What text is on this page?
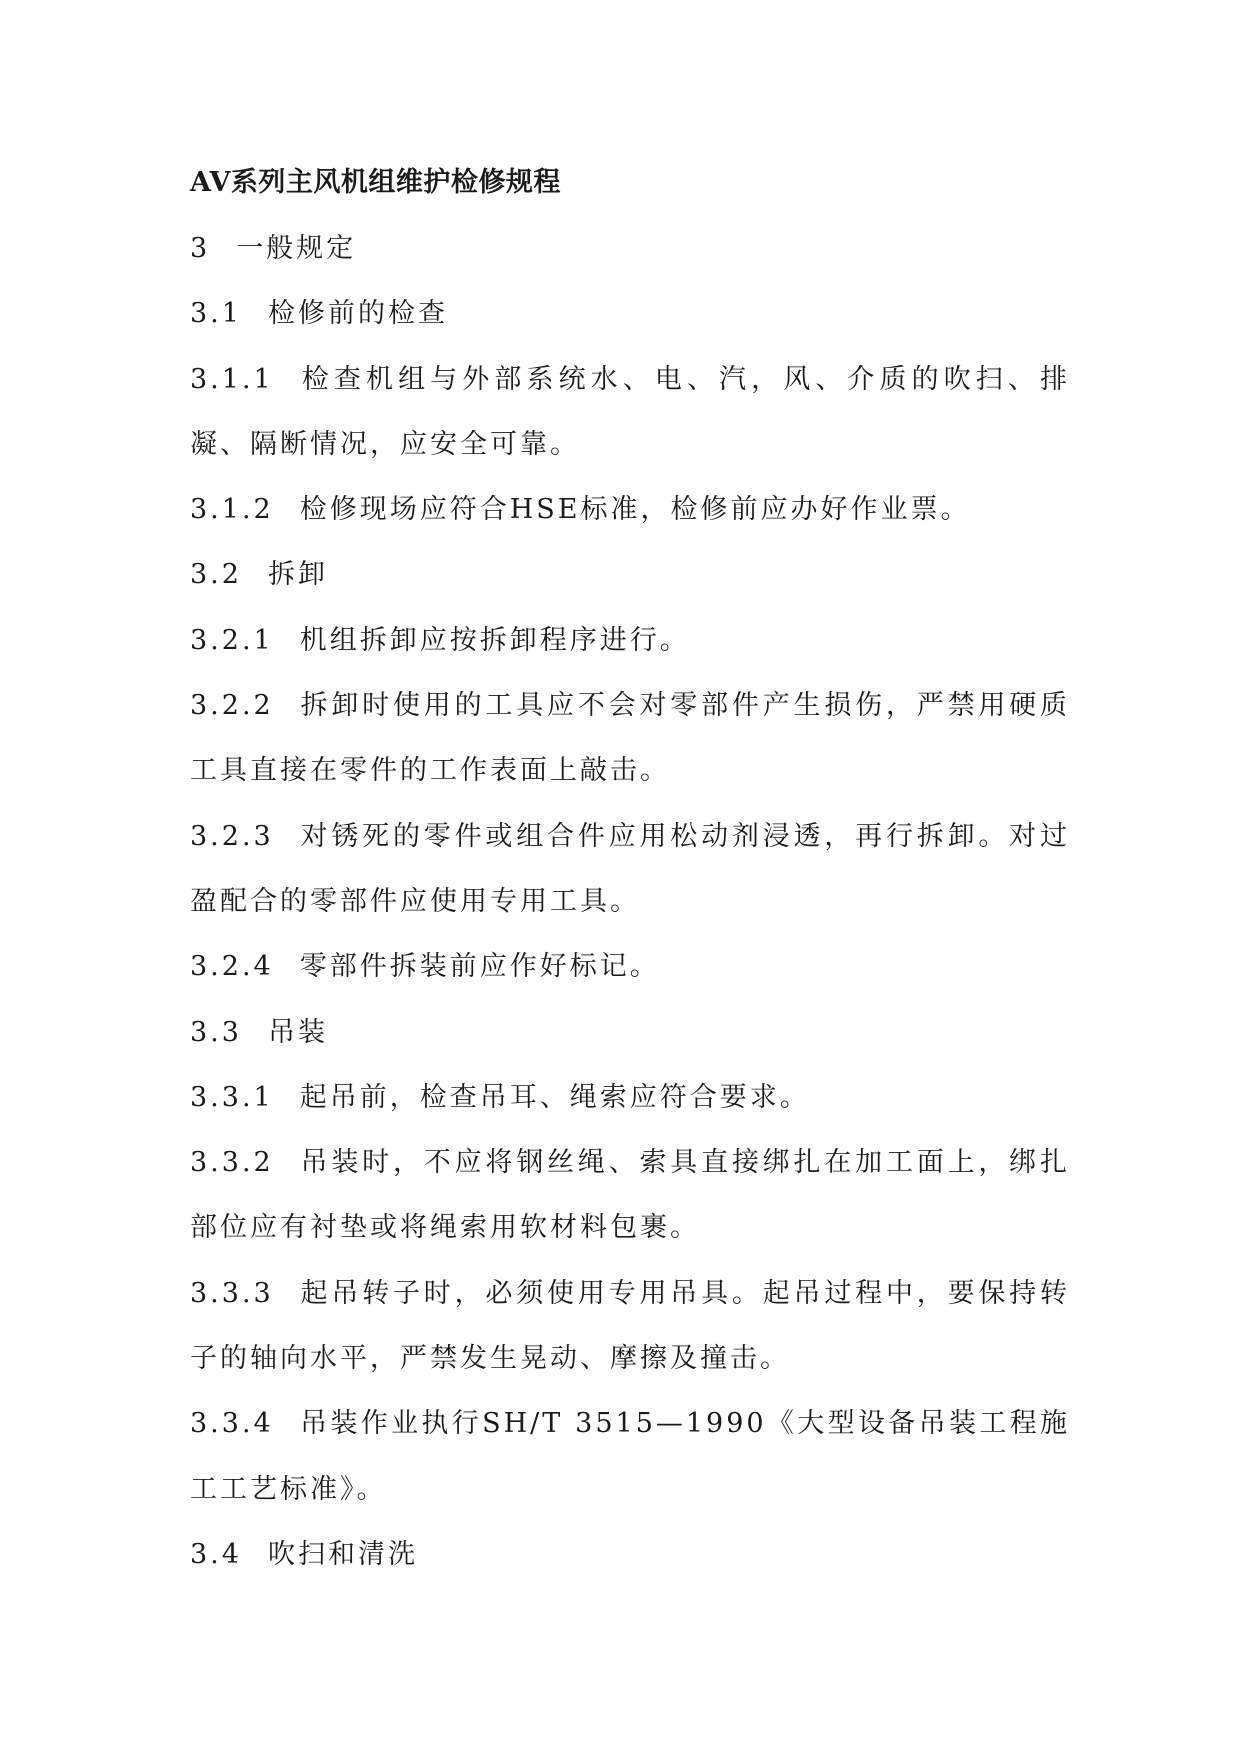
AV系列主风机组维护检修规程

3 一般规定

3.1 检修前的检查

3.1.1 检查机组与外部系统水、电、汽，风、介质的吹扫、排凝、隔断情况，应安全可靠。

3.1.2 检修现场应符合HSE标准，检修前应办好作业票。

3.2 拆卸

3.2.1 机组拆卸应按拆卸程序进行。

3.2.2 拆卸时使用的工具应不会对零部件产生损伤，严禁用硬质工具直接在零件的工作表面上敲击。

3.2.3 对锈死的零件或组合件应用松动剂浸透，再行拆卸。对过盈配合的零部件应使用专用工具。

3.2.4 零部件拆装前应作好标记。

3.3 吊装

3.3.1 起吊前，检查吊耳、绳索应符合要求。

3.3.2 吊装时，不应将钢丝绳、索具直接绑扎在加工面上，绑扎部位应有衬垫或将绳索用软材料包裹。

3.3.3 起吊转子时，必须使用专用吊具。起吊过程中，要保持转子的轴向水平，严禁发生晃动、摩擦及撞击。

3.3.4 吊装作业执行SH/T 3515—1990《大型设备吊装工程施工工艺标准》。

3.4 吹扫和清洗
